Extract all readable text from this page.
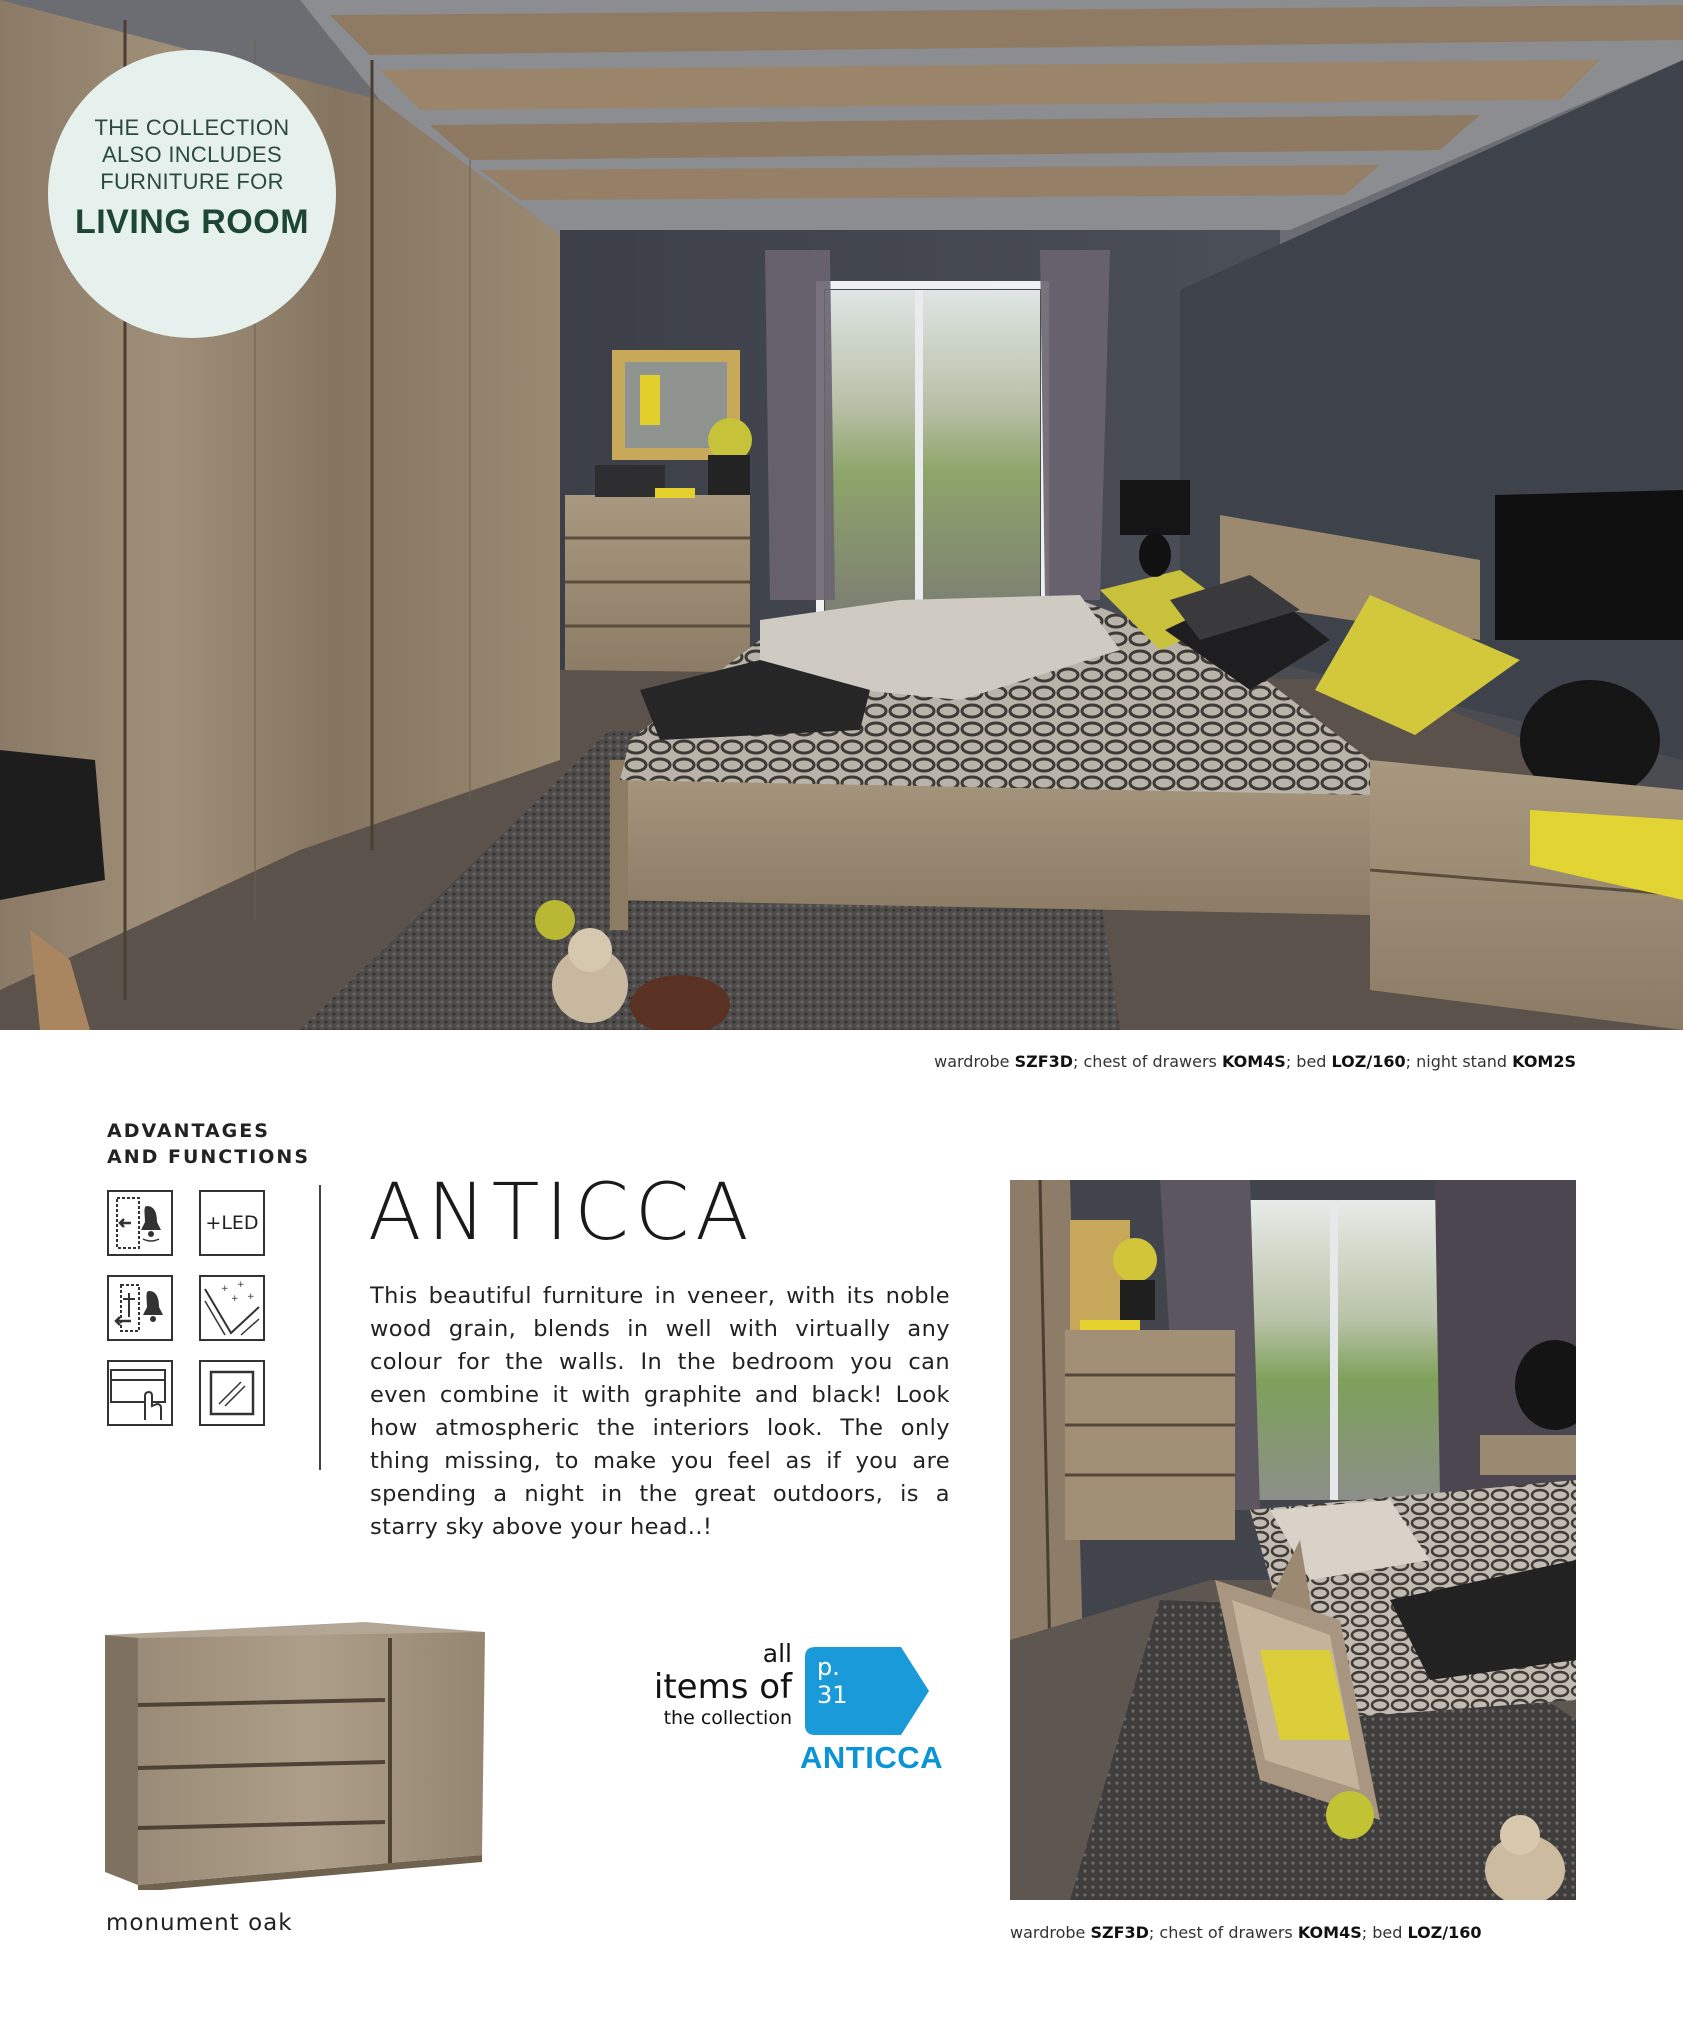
THE COLLECTION
ALSO INCLUDES
FURNITURE FOR
LIVING ROOM
wardrobe SZF3D; chest of drawers KOM4S; bed LOZ/160; night stand KOM2S
ADVANTAGES
AND FUNCTIONS
+LED
+ +
+ +
ANTICCA
This beautiful furniture in veneer, with its noble wood grain, blends in well with virtually any colour for the walls. In the bedroom you can even combine it with graphite and black! Look how atmospheric the interiors look. The only thing missing, to make you feel as if you are spending a night in the great outdoors, is a starry sky above your head..!
monument oak
all
items of
the collection
p.
31
ANTICCA
wardrobe SZF3D; chest of drawers KOM4S; bed LOZ/160
